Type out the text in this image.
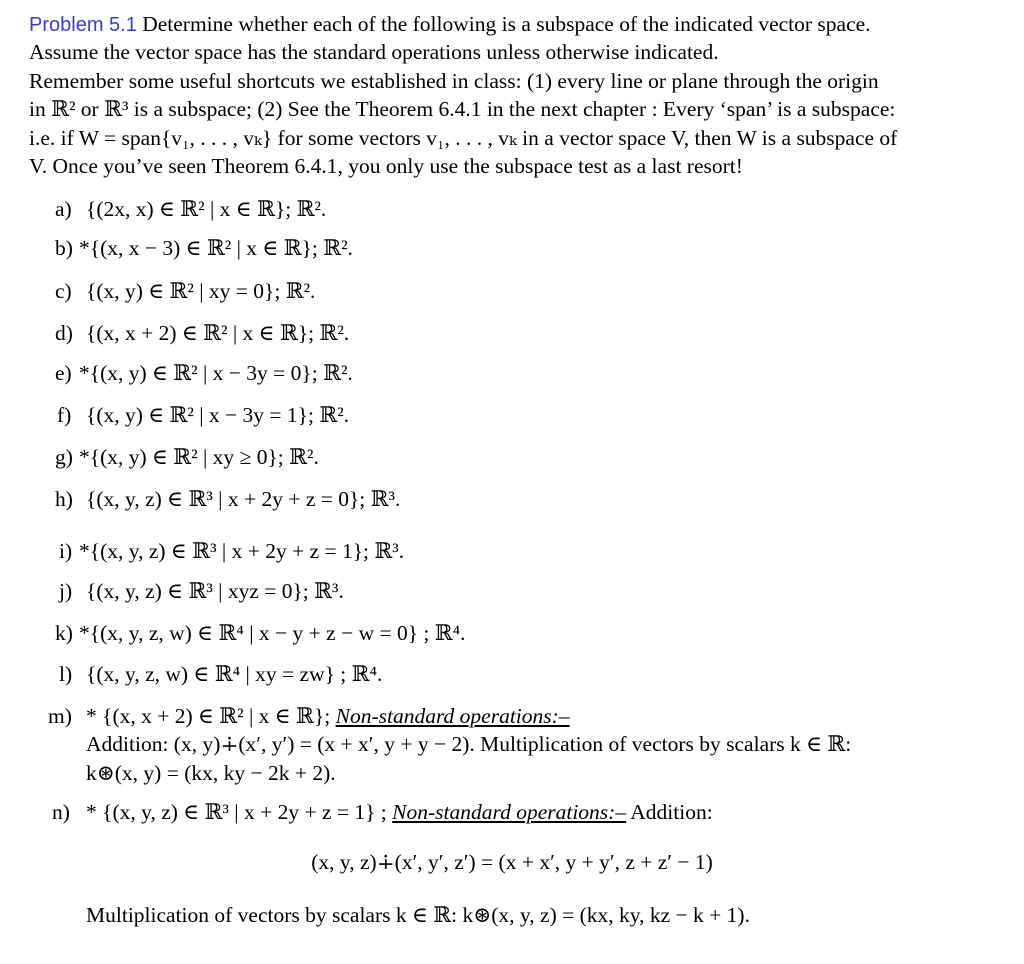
Problem 5.1 Determine whether each of the following is a subspace of the indicated vector space.
Assume the vector space has the standard operations unless otherwise indicated.
Remember some useful shortcuts we established in class: (1) every line or plane through the origin
in ℝ² or ℝ³ is a subspace; (2) See the Theorem 6.4.1 in the next chapter : Every ‘span’ is a subspace:
i.e. if W = span{v₁, . . . , vₖ} for some vectors v₁, . . . , vₖ in a vector space V, then W is a subspace of
V. Once you’ve seen Theorem 6.4.1, you only use the subspace test as a last resort!
a) {(2x, x) ∈ ℝ² | x ∈ ℝ}; ℝ².
b) *{(x, x − 3) ∈ ℝ² | x ∈ ℝ}; ℝ².
c) {(x, y) ∈ ℝ² | xy = 0}; ℝ².
d) {(x, x + 2) ∈ ℝ² | x ∈ ℝ}; ℝ².
e) *{(x, y) ∈ ℝ² | x − 3y = 0}; ℝ².
f) {(x, y) ∈ ℝ² | x − 3y = 1}; ℝ².
g) *{(x, y) ∈ ℝ² | xy ≥ 0}; ℝ².
h) {(x, y, z) ∈ ℝ³ | x + 2y + z = 0}; ℝ³.
i) *{(x, y, z) ∈ ℝ³ | x + 2y + z = 1}; ℝ³.
j) {(x, y, z) ∈ ℝ³ | xyz = 0}; ℝ³.
k) *{(x, y, z, w) ∈ ℝ⁴ | x − y + z − w = 0} ; ℝ⁴.
l) {(x, y, z, w) ∈ ℝ⁴ | xy = zw} ; ℝ⁴.
m) * {(x, x + 2) ∈ ℝ² | x ∈ ℝ}; Non-standard operations:–
Addition: (x, y)∔(x′, y′) = (x + x′, y + y − 2). Multiplication of vectors by scalars k ∈ ℝ:
k⊛(x, y) = (kx, ky − 2k + 2).
n) * {(x, y, z) ∈ ℝ³ | x + 2y + z = 1} ; Non-standard operations:– Addition:
(x, y, z)∔(x′, y′, z′) = (x + x′, y + y′, z + z′ − 1)
Multiplication of vectors by scalars k ∈ ℝ: k⊛(x, y, z) = (kx, ky, kz − k + 1).
